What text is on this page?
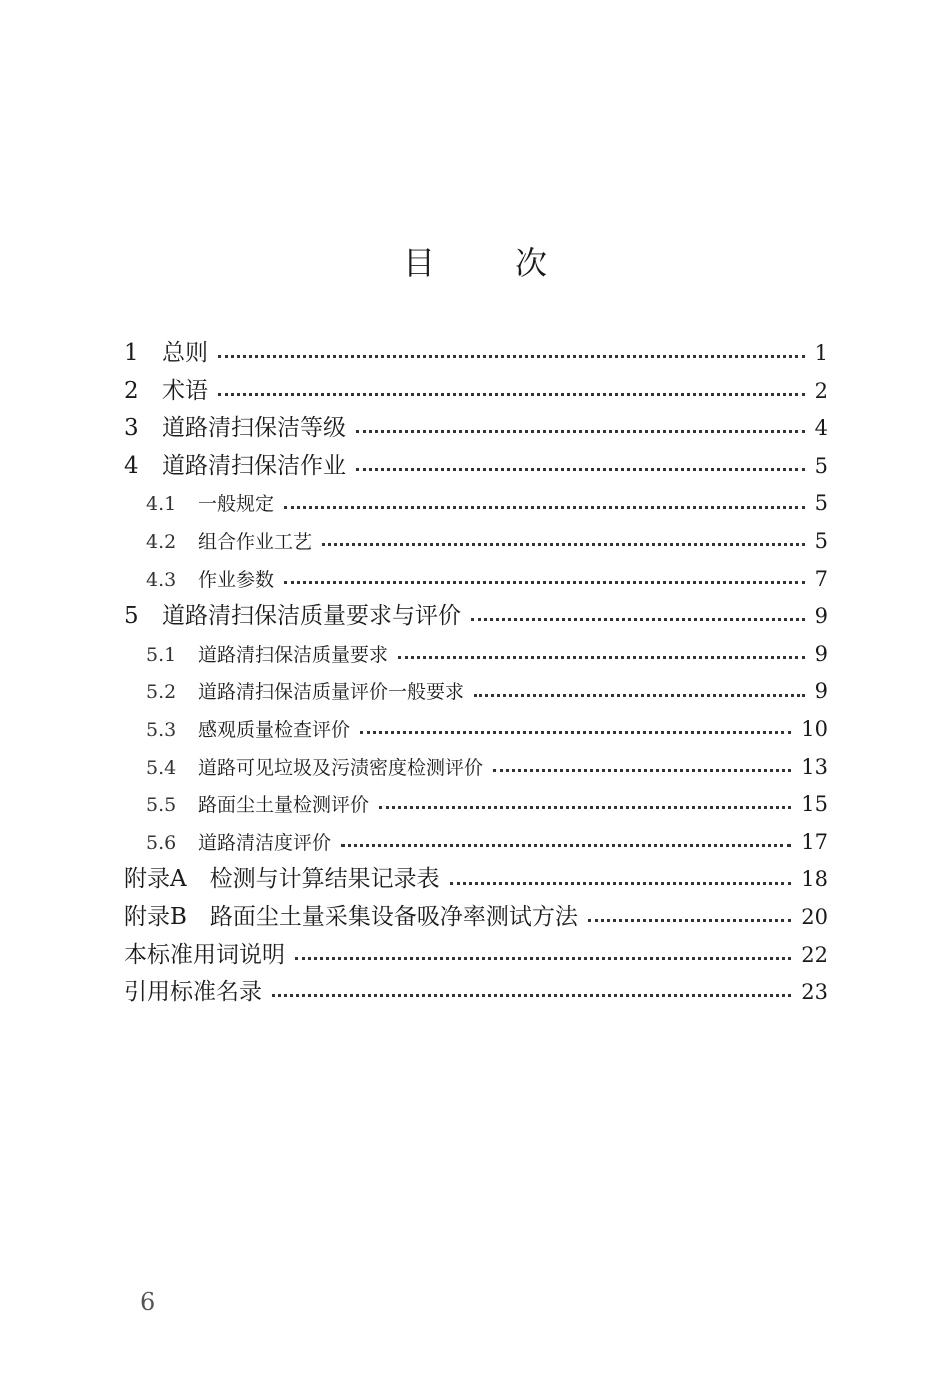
目	次
1	总则	1
2	术语	2
3	道路清扫保洁等级	4
4	道路清扫保洁作业	5
4.1	一般规定	5
4.2	组合作业工艺	5
4.3	作业参数	7
5	道路清扫保洁质量要求与评价	9
5.1	道路清扫保洁质量要求	9
5.2	道路清扫保洁质量评价一般要求	9
5.3	感观质量检查评价	10
5.4	道路可见垃圾及污渍密度检测评价	13
5.5	路面尘土量检测评价	15
5.6	道路清洁度评价	17
附录A　检测与计算结果记录表	18
附录B　路面尘土量采集设备吸净率测试方法	20
本标准用词说明	22
引用标准名录	23
6
